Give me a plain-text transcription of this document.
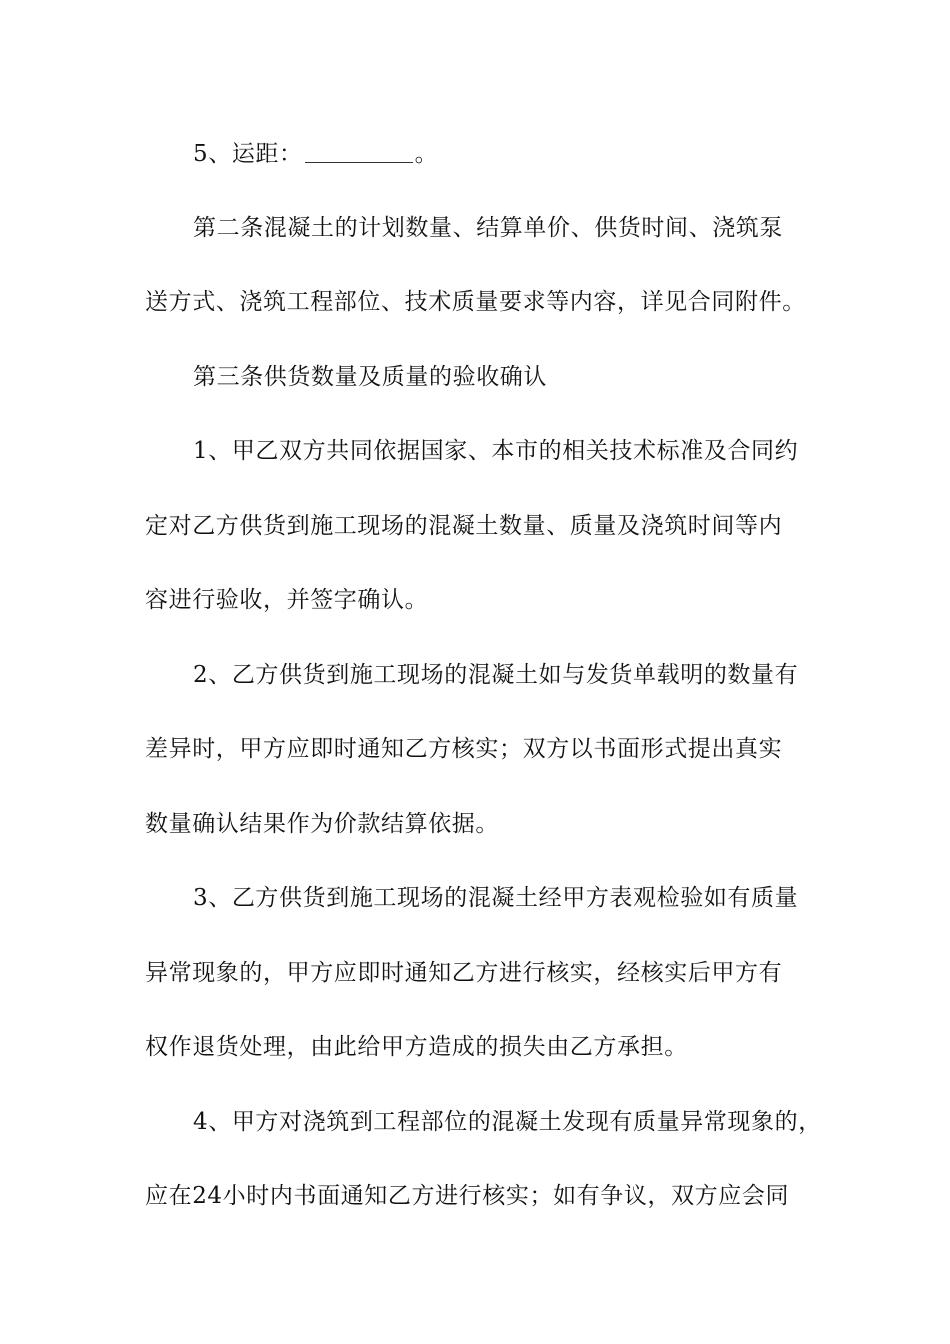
5、运距：	。
第二条混凝土的计划数量、结算单价、供货时间、浇筑泵
送方式、浇筑工程部位、技术质量要求等内容，详见合同附件。
第三条供货数量及质量的验收确认
1、甲乙双方共同依据国家、本市的相关技术标准及合同约
定对乙方供货到施工现场的混凝土数量、质量及浇筑时间等内
容进行验收，并签字确认。
2、乙方供货到施工现场的混凝土如与发货单载明的数量有
差异时，甲方应即时通知乙方核实；双方以书面形式提出真实
数量确认结果作为价款结算依据。
3、乙方供货到施工现场的混凝土经甲方表观检验如有质量
异常现象的，甲方应即时通知乙方进行核实，经核实后甲方有
权作退货处理，由此给甲方造成的损失由乙方承担。
4、甲方对浇筑到工程部位的混凝土发现有质量异常现象的，
应在24小时内书面通知乙方进行核实；如有争议，双方应会同
